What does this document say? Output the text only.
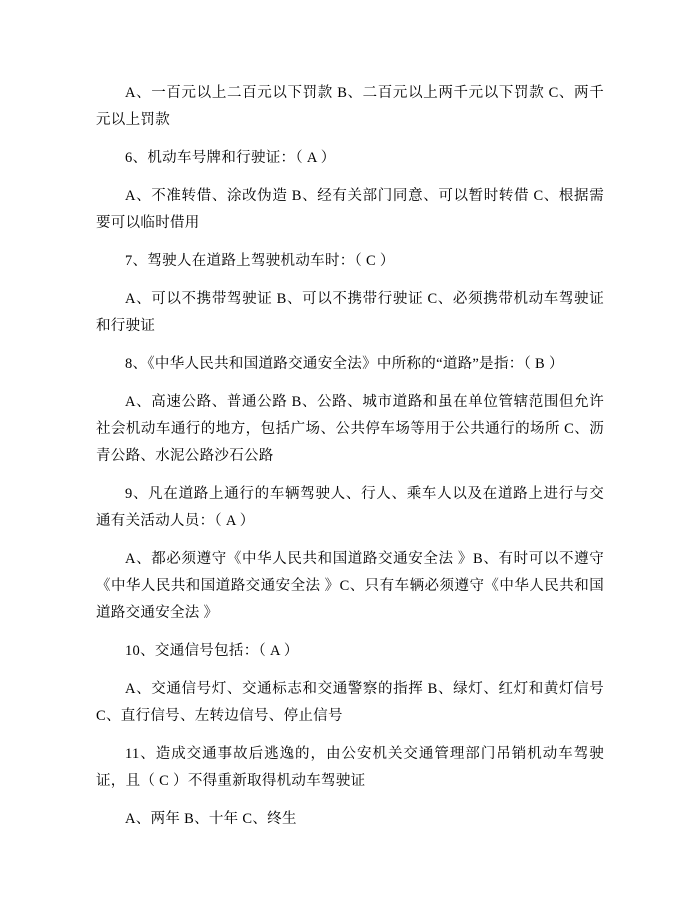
A、一百元以上二百元以下罚款 B、二百元以上两千元以下罚款 C、两千元以上罚款

6、机动车号牌和行驶证：（ A ）

A、不准转借、涂改伪造 B、经有关部门同意、可以暂时转借 C、根据需要可以临时借用

7、驾驶人在道路上驾驶机动车时：（ C ）

A、可以不携带驾驶证 B、可以不携带行驶证 C、必须携带机动车驾驶证和行驶证

8、《中华人民共和国道路交通安全法》中所称的“道路”是指：（ B ）

A、高速公路、普通公路 B、公路、城市道路和虽在单位管辖范围但允许社会机动车通行的地方，包括广场、公共停车场等用于公共通行的场所 C、沥青公路、水泥公路沙石公路

9、凡在道路上通行的车辆驾驶人、行人、乘车人以及在道路上进行与交通有关活动人员：（ A ）

A、都必须遵守《中华人民共和国道路交通安全法 》B、有时可以不遵守《中华人民共和国道路交通安全法 》C、只有车辆必须遵守《中华人民共和国道路交通安全法 》

10、交通信号包括：（ A ）

A、交通信号灯、交通标志和交通警察的指挥 B、绿灯、红灯和黄灯信号 C、直行信号、左转边信号、停止信号

11、造成交通事故后逃逸的，由公安机关交通管理部门吊销机动车驾驶证，且（ C ）不得重新取得机动车驾驶证

A、两年 B、十年 C、终生
